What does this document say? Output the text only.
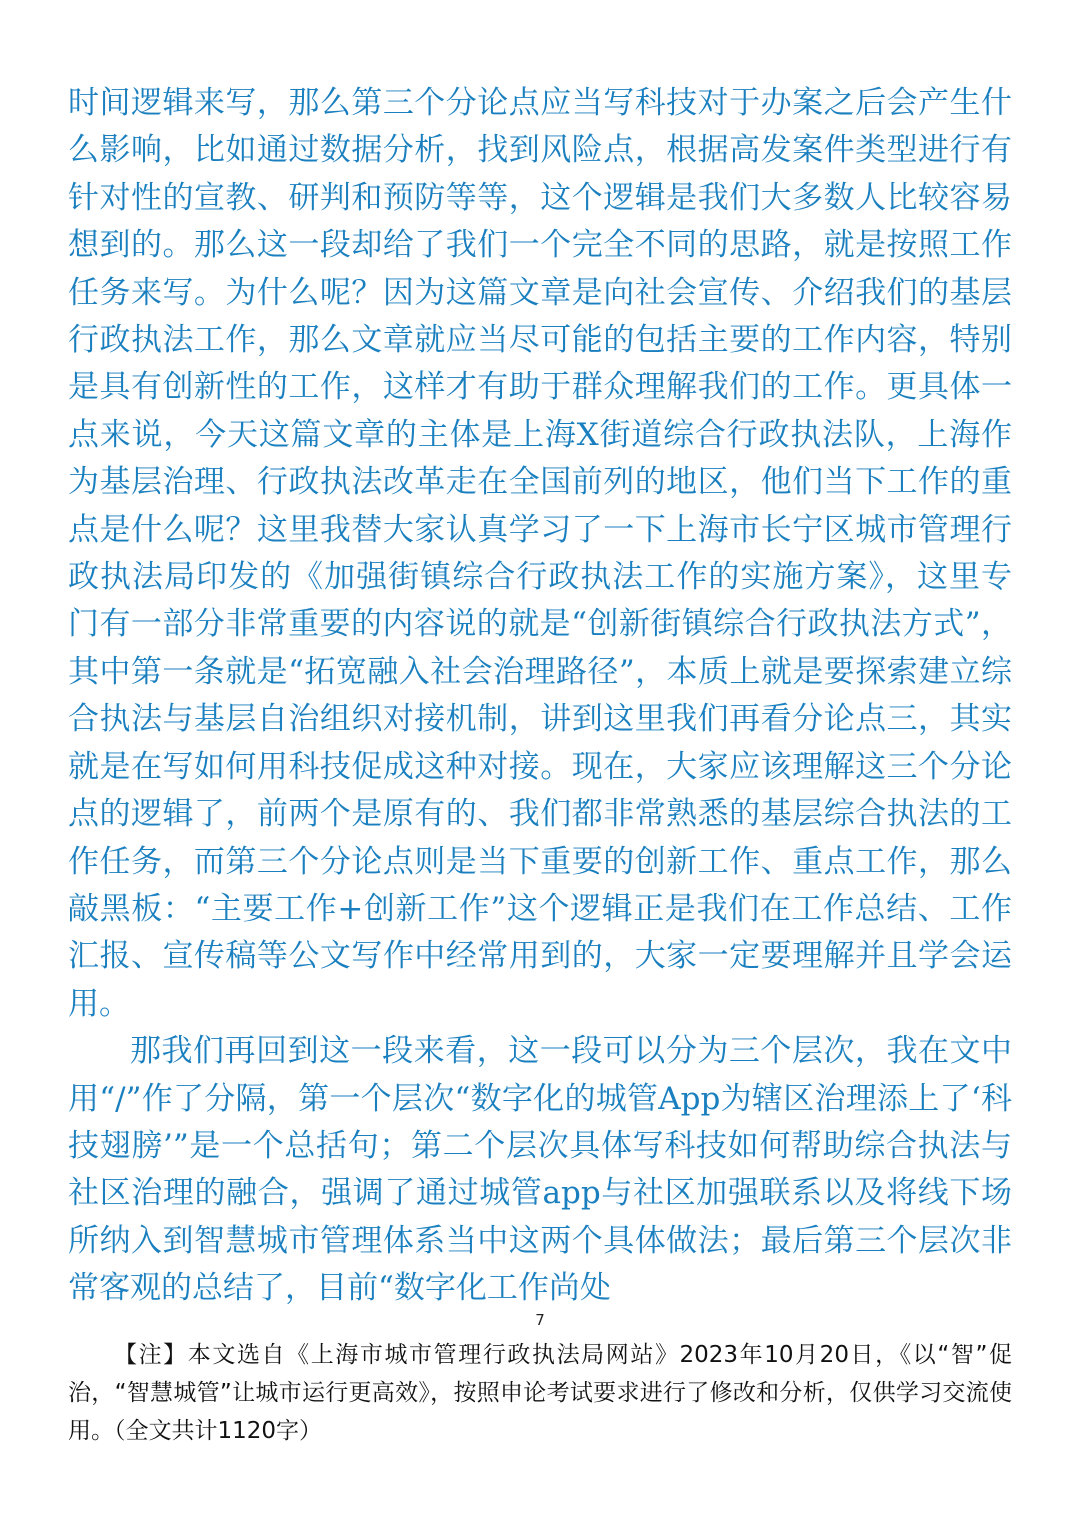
时间逻辑来写，那么第三个分论点应当写科技对于办案之后会产生什么影响，比如通过数据分析，找到风险点，根据高发案件类型进行有针对性的宣教、研判和预防等等，这个逻辑是我们大多数人比较容易想到的。那么这一段却给了我们一个完全不同的思路，就是按照工作任务来写。为什么呢？因为这篇文章是向社会宣传、介绍我们的基层行政执法工作，那么文章就应当尽可能的包括主要的工作内容，特别是具有创新性的工作，这样才有助于群众理解我们的工作。更具体一点来说，今天这篇文章的主体是上海X街道综合行政执法队，上海作为基层治理、行政执法改革走在全国前列的地区，他们当下工作的重点是什么呢？这里我替大家认真学习了一下上海市长宁区城市管理行政执法局印发的《加强街镇综合行政执法工作的实施方案》，这里专门有一部分非常重要的内容说的就是“创新街镇综合行政执法方式”，其中第一条就是“拓宽融入社会治理路径”，本质上就是要探索建立综合执法与基层自治组织对接机制，讲到这里我们再看分论点三，其实就是在写如何用科技促成这种对接。现在，大家应该理解这三个分论点的逻辑了，前两个是原有的、我们都非常熟悉的基层综合执法的工作任务，而第三个分论点则是当下重要的创新工作、重点工作，那么敲黑板：“主要工作+创新工作”这个逻辑正是我们在工作总结、工作汇报、宣传稿等公文写作中经常用到的，大家一定要理解并且学会运用。

那我们再回到这一段来看，这一段可以分为三个层次，我在文中用“/”作了分隔，第一个层次“数字化的城管App为辖区治理添上了‘科技翅膀’”是一个总括句；第二个层次具体写科技如何帮助综合执法与社区治理的融合，强调了通过城管app与社区加强联系以及将线下场所纳入到智慧城市管理体系当中这两个具体做法；最后第三个层次非常客观的总结了，目前“数字化工作尚处

7
【注】本文选自《上海市城市管理行政执法局网站》2023年10月20日，《以“智”促治，“智慧城管”让城市运行更高效》，按照申论考试要求进行了修改和分析，仅供学习交流使用。（全文共计1120字）
